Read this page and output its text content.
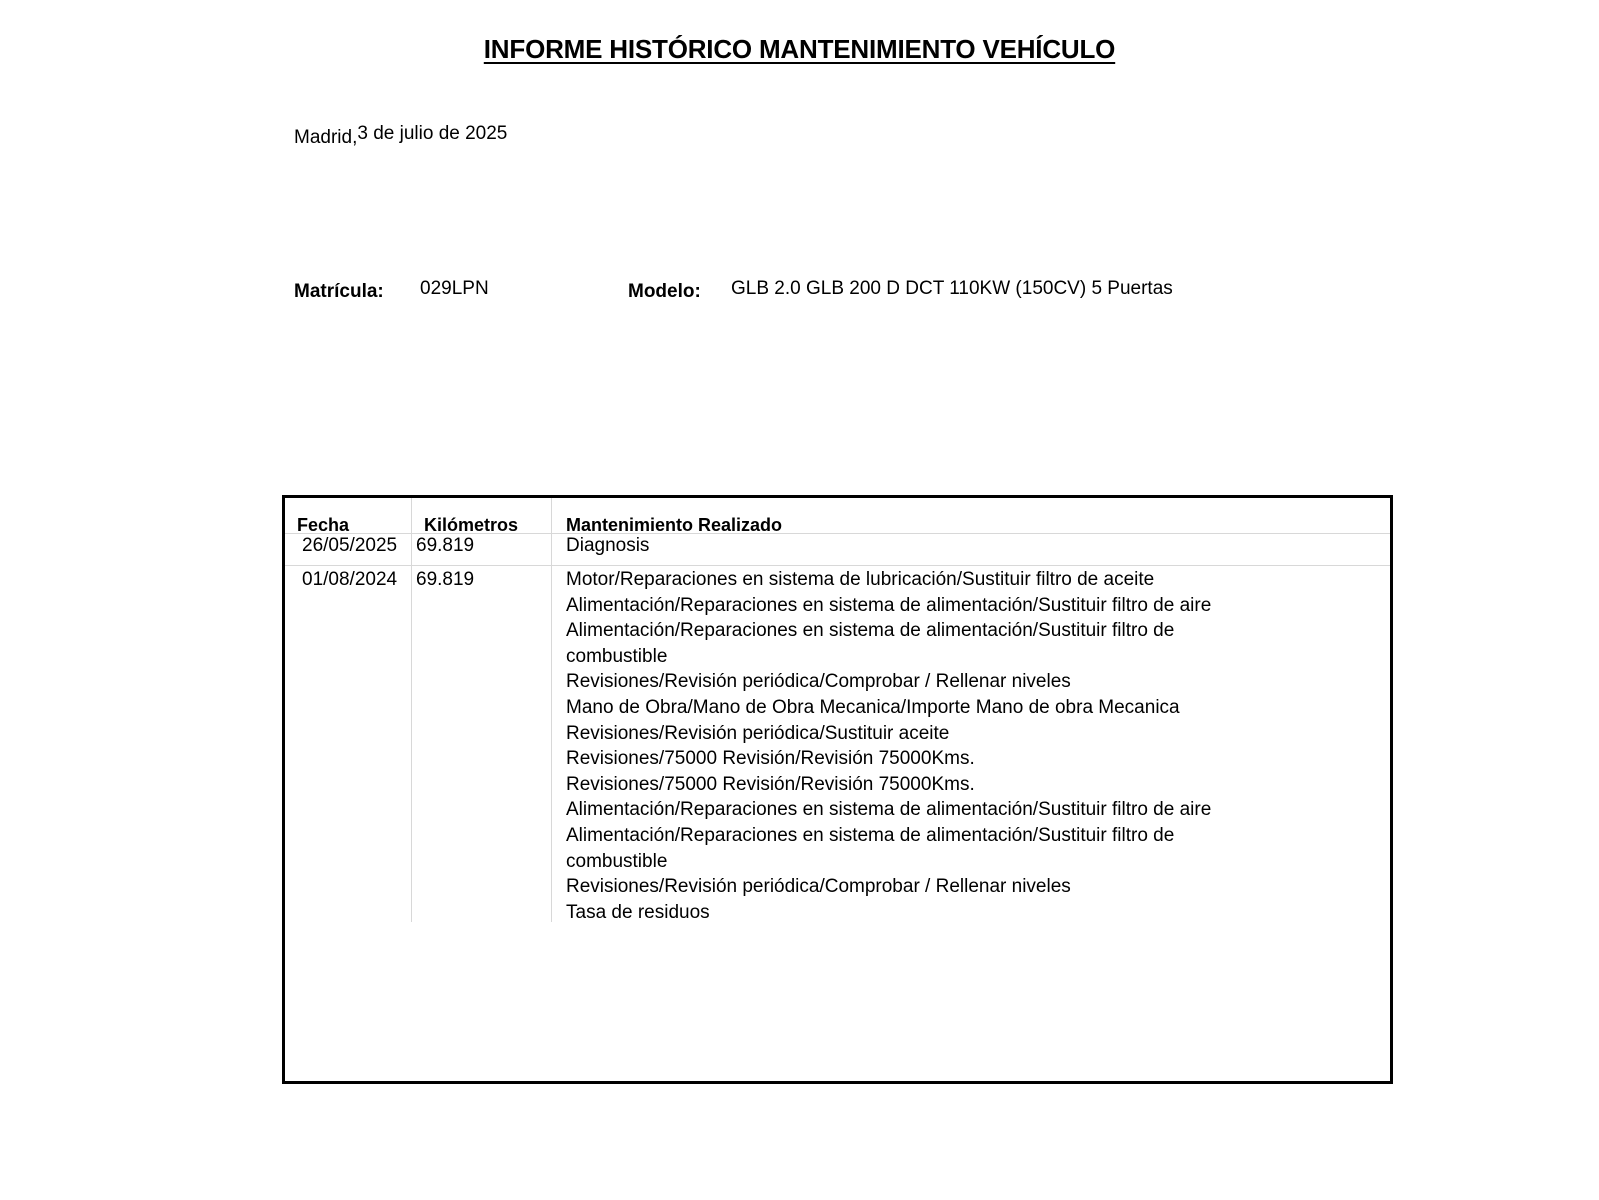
INFORME HISTÓRICO MANTENIMIENTO VEHÍCULO
Madrid,3 de julio de 2025
Matrícula: 029LPN	Modelo: GLB 2.0 GLB 200 D DCT 110KW (150CV) 5 Puertas
Fecha	Kilómetros	Mantenimiento Realizado
26/05/2025 69.819	Diagnosis
01/08/2024 69.819	Motor/Reparaciones en sistema de lubricación/Sustituir filtro de aceite
Alimentación/Reparaciones en sistema de alimentación/Sustituir filtro de aire
Alimentación/Reparaciones en sistema de alimentación/Sustituir filtro de
combustible
Revisiones/Revisión periódica/Comprobar / Rellenar niveles
Mano de Obra/Mano de Obra Mecanica/Importe Mano de obra Mecanica
Revisiones/Revisión periódica/Sustituir aceite
Revisiones/75000 Revisión/Revisión 75000Kms.
Revisiones/75000 Revisión/Revisión 75000Kms.
Alimentación/Reparaciones en sistema de alimentación/Sustituir filtro de aire
Alimentación/Reparaciones en sistema de alimentación/Sustituir filtro de
combustible
Revisiones/Revisión periódica/Comprobar / Rellenar niveles
Tasa de residuos
